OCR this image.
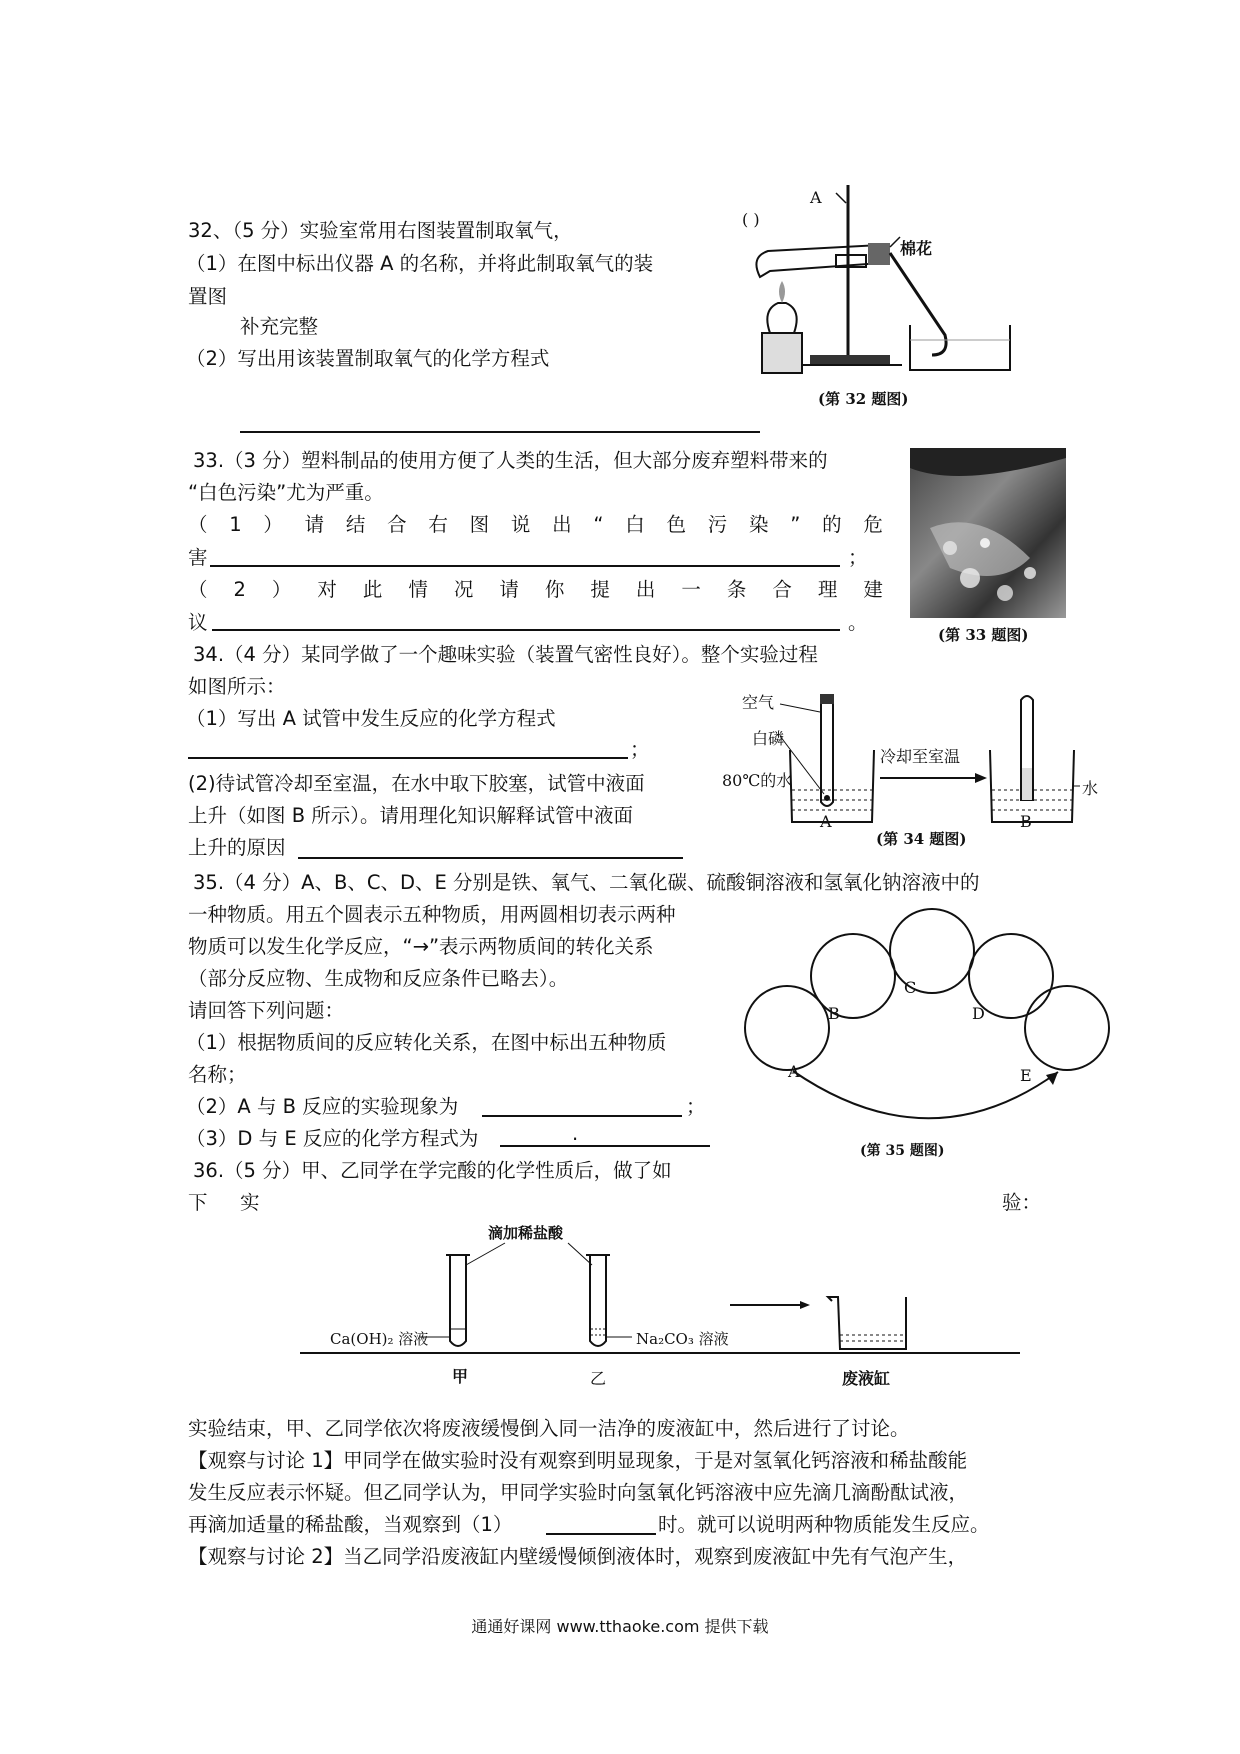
32、（5 分）实验室常用右图装置制取氧气，
（1）在图中标出仪器 A 的名称，并将此制取氧气的装
置图
补充完整
（2）写出用该装置制取氧气的化学方程式
A
( )
棉花
(第 32 题图)
33.（3 分）塑料制品的使用方便了人类的生活，但大部分废弃塑料带来的
“白色污染”尤为严重。
（ 1 ） 请 结 合 右 图 说 出 “ 白 色 污 染 ” 的 危
害	；
（ 2 ） 对 此 情 况 请 你 提 出 一 条 合 理 建
议	。
(第 33 题图)
34.（4 分）某同学做了一个趣味实验（装置气密性良好）。整个实验过程
如图所示：
（1）写出 A 试管中发生反应的化学方程式
；
(2)待试管冷却至室温，在水中取下胶塞，试管中液面
上升（如图 B 所示）。请用理化知识解释试管中液面
上升的原因
空气
白磷
80℃的水
冷却至室温
水
A	B
(第 34 题图)
35.（4 分）A、B、C、D、E 分别是铁、氧气、二氧化碳、硫酸铜溶液和氢氧化钠溶液中的
一种物质。用五个圆表示五种物质，用两圆相切表示两种
物质可以发生化学反应，“→”表示两物质间的转化关系
（部分反应物、生成物和反应条件已略去）。
请回答下列问题：
（1）根据物质间的反应转化关系，在图中标出五种物质
名称；
（2）A 与 B 反应的实验现象为	；
（3）D 与 E 反应的化学方程式为	.
A
B
C
D
E
(第 35 题图)
36.（5 分）甲、乙同学在学完酸的化学性质后，做了如
下 实	验：
滴加稀盐酸
Ca(OH)₂ 溶液	Na₂CO₃ 溶液
甲	乙	废液缸
实验结束，甲、乙同学依次将废液缓慢倒入同一洁净的废液缸中，然后进行了讨论。
【观察与讨论 1】甲同学在做实验时没有观察到明显现象，于是对氢氧化钙溶液和稀盐酸能
发生反应表示怀疑。但乙同学认为，甲同学实验时向氢氧化钙溶液中应先滴几滴酚酞试液，
再滴加适量的稀盐酸，当观察到（1）	时。就可以说明两种物质能发生反应。
【观察与讨论 2】当乙同学沿废液缸内壁缓慢倾倒液体时，观察到废液缸中先有气泡产生，
通通好课网 www.tthaoke.com 提供下载
